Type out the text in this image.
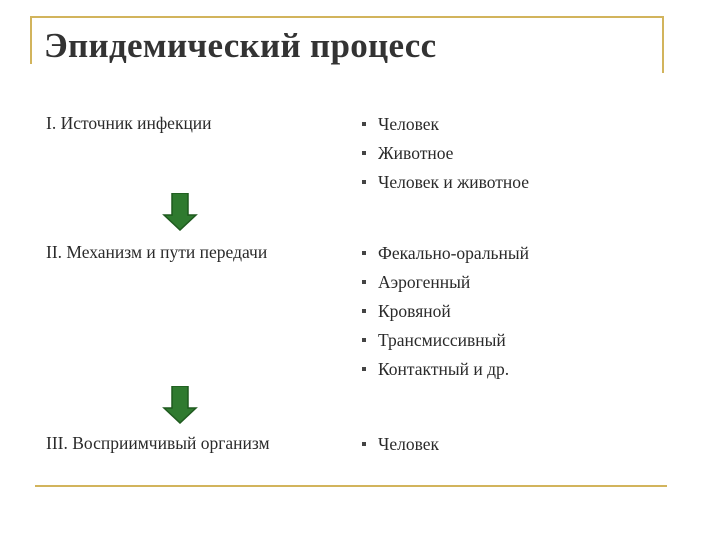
Эпидемический процесс
I. Источник инфекции	Человек
Животное
Человек и животное
II. Механизм и пути передачи	Фекально-оральный
Аэрогенный
Кровяной
Трансмиссивный
Контактный и др.
III. Восприимчивый организм	Человек
